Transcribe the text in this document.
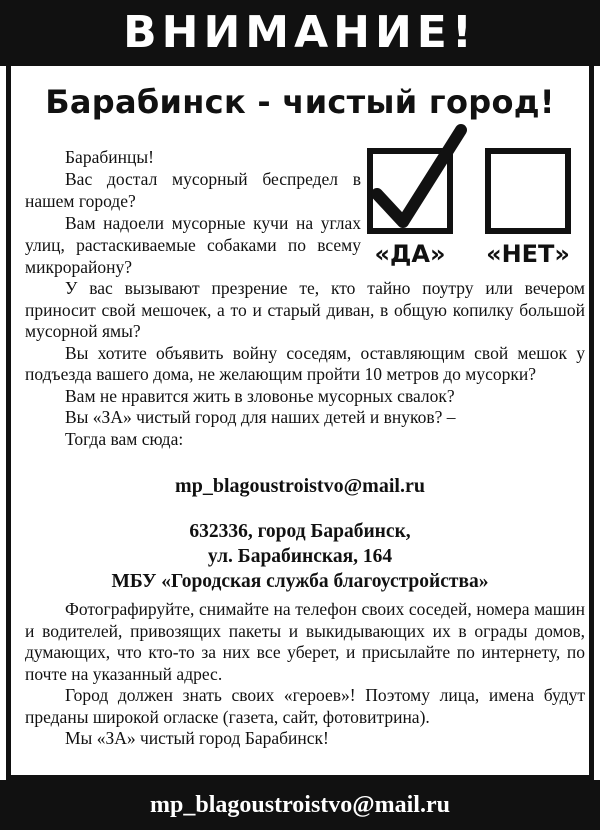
ВНИМАНИЕ!
Барабинск - чистый город!

Барабинцы!

Вас достал мусорный беспредел в нашем городе?

Вам надоели мусорные кучи на углах улиц, растаскиваемые собаками по всему микрорайону?	«ДА»	«НЕТ»

У вас вызывают презрение те, кто тайно поутру или вечером приносит свой мешочек, а то и старый диван, в общую копилку большой мусорной ямы?

Вы хотите объявить войну соседям, оставляющим свой мешок у подъезда вашего дома, не желающим пройти 10 метров до мусорки?

Вам не нравится жить в зловонье мусорных свалок?

Вы «ЗА» чистый город для наших детей и внуков? –

Тогда вам сюда:

mp_blagoustroistvo@mail.ru
632336, город Барабинск,
ул. Барабинская, 164
МБУ «Городская служба благоустройства»

Фотографируйте, снимайте на телефон своих соседей, номера машин и водителей, привозящих пакеты и выкидывающих их в ограды домов, думающих, что кто-то за них все уберет, и присылайте по интернету, по почте на указанный адрес.

Город должен знать своих «героев»! Поэтому лица, имена будут преданы широкой огласке (газета, сайт, фотовитрина).

Мы «ЗА» чистый город Барабинск!

mp_blagoustroistvo@mail.ru
